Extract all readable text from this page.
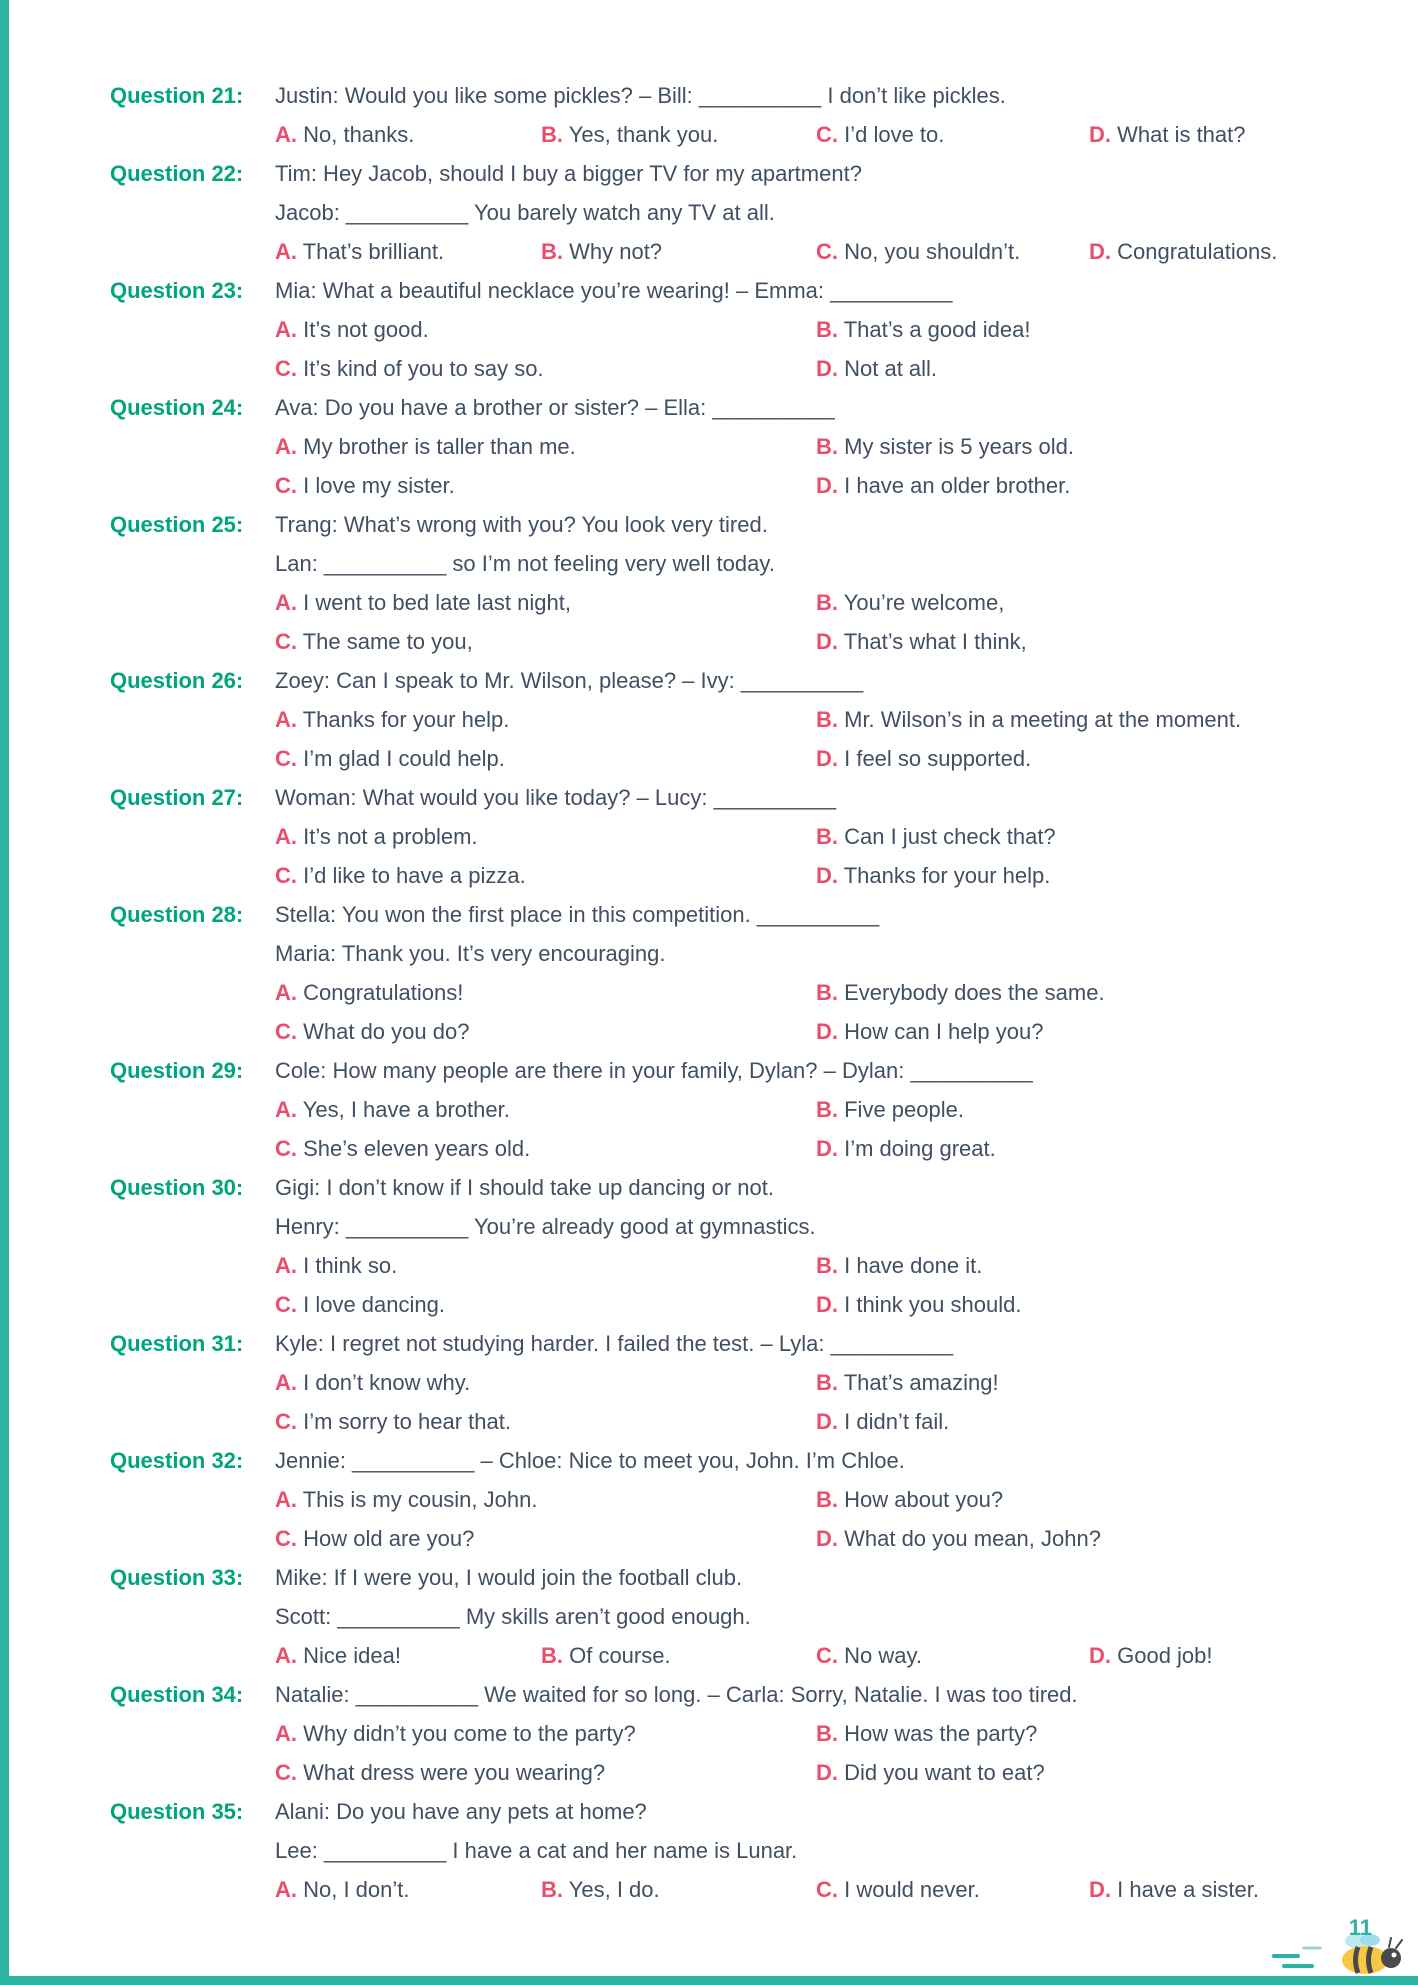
Question 21:	Justin: Would you like some pickles? – Bill: __________ I don’t like pickles.
A. No, thanks.	B. Yes, thank you.	C. I’d love to.	D. What is that?
Question 22:	Tim: Hey Jacob, should I buy a bigger TV for my apartment?
Jacob: __________ You barely watch any TV at all.
A. That’s brilliant.	B. Why not?	C. No, you shouldn’t.	D. Congratulations.
Question 23:	Mia: What a beautiful necklace you’re wearing! – Emma: __________
A. It’s not good.	B. That’s a good idea!
C. It’s kind of you to say so.	D. Not at all.
Question 24:	Ava: Do you have a brother or sister? – Ella: __________
A. My brother is taller than me.	B. My sister is 5 years old.
C. I love my sister.	D. I have an older brother.
Question 25:	Trang: What’s wrong with you? You look very tired.
Lan: __________ so I’m not feeling very well today.
A. I went to bed late last night,	B. You’re welcome,
C. The same to you,	D. That’s what I think,
Question 26:	Zoey: Can I speak to Mr. Wilson, please? – Ivy: __________
A. Thanks for your help.	B. Mr. Wilson’s in a meeting at the moment.
C. I’m glad I could help.	D. I feel so supported.
Question 27:	Woman: What would you like today? – Lucy: __________
A. It’s not a problem.	B. Can I just check that?
C. I’d like to have a pizza.	D. Thanks for your help.
Question 28:	Stella: You won the first place in this competition. __________
Maria: Thank you. It’s very encouraging.
A. Congratulations!	B. Everybody does the same.
C. What do you do?	D. How can I help you?
Question 29:	Cole: How many people are there in your family, Dylan? – Dylan: __________
A. Yes, I have a brother.	B. Five people.
C. She’s eleven years old.	D. I’m doing great.
Question 30:	Gigi: I don’t know if I should take up dancing or not.
Henry: __________ You’re already good at gymnastics.
A. I think so.	B. I have done it.
C. I love dancing.	D. I think you should.
Question 31:	Kyle: I regret not studying harder. I failed the test. – Lyla: __________
A. I don’t know why.	B. That’s amazing!
C. I’m sorry to hear that.	D. I didn’t fail.
Question 32:	Jennie: __________ – Chloe: Nice to meet you, John. I’m Chloe.
A. This is my cousin, John.	B. How about you?
C. How old are you?	D. What do you mean, John?
Question 33:	Mike: If I were you, I would join the football club.
Scott: __________ My skills aren’t good enough.
A. Nice idea!	B. Of course.	C. No way.	D. Good job!
Question 34:	Natalie: __________ We waited for so long. – Carla: Sorry, Natalie. I was too tired.
A. Why didn’t you come to the party?	B. How was the party?
C. What dress were you wearing?	D. Did you want to eat?
Question 35:	Alani: Do you have any pets at home?
Lee: __________ I have a cat and her name is Lunar.
A. No, I don’t.	B. Yes, I do.	C. I would never.	D. I have a sister.
11
